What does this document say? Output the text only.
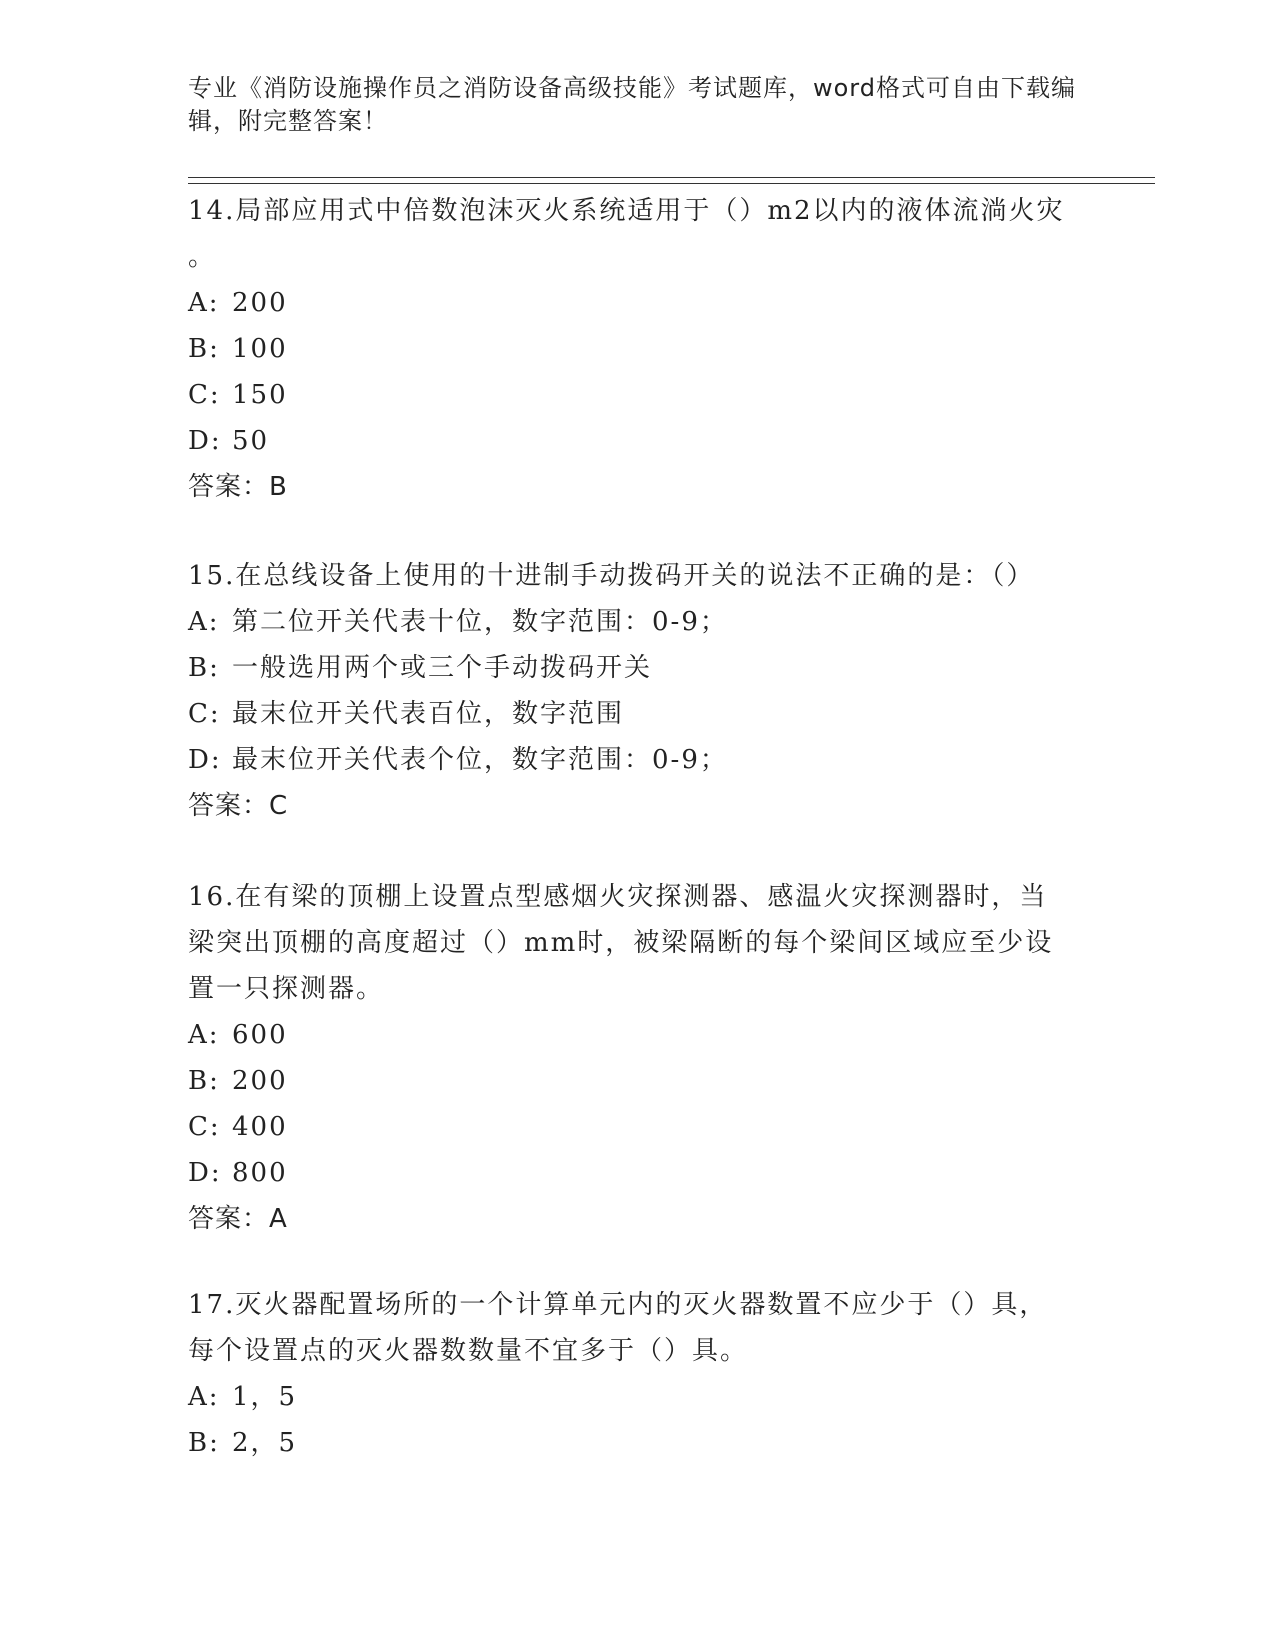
专业《消防设施操作员之消防设备高级技能》考试题库，word格式可自由下载编
辑，附完整答案！

14.局部应用式中倍数泡沫灭火系统适用于（）m2以内的液体流淌火灾

。

A: 200

B: 100

C: 150

D: 50

答案：B

15.在总线设备上使用的十进制手动拨码开关的说法不正确的是：（）

A: 第二位开关代表十位，数字范围：0-9；

B: 一般选用两个或三个手动拨码开关

C: 最末位开关代表百位，数字范围

D: 最末位开关代表个位，数字范围：0-9；

答案：C

16.在有梁的顶棚上设置点型感烟火灾探测器、感温火灾探测器时，当

梁突出顶棚的高度超过（）mm时，被梁隔断的每个梁间区域应至少设

置一只探测器。

A: 600

B: 200

C: 400

D: 800

答案：A

17.灭火器配置场所的一个计算单元内的灭火器数置不应少于（）具，

每个设置点的灭火器数数量不宜多于（）具。

A: 1，5

B: 2，5
